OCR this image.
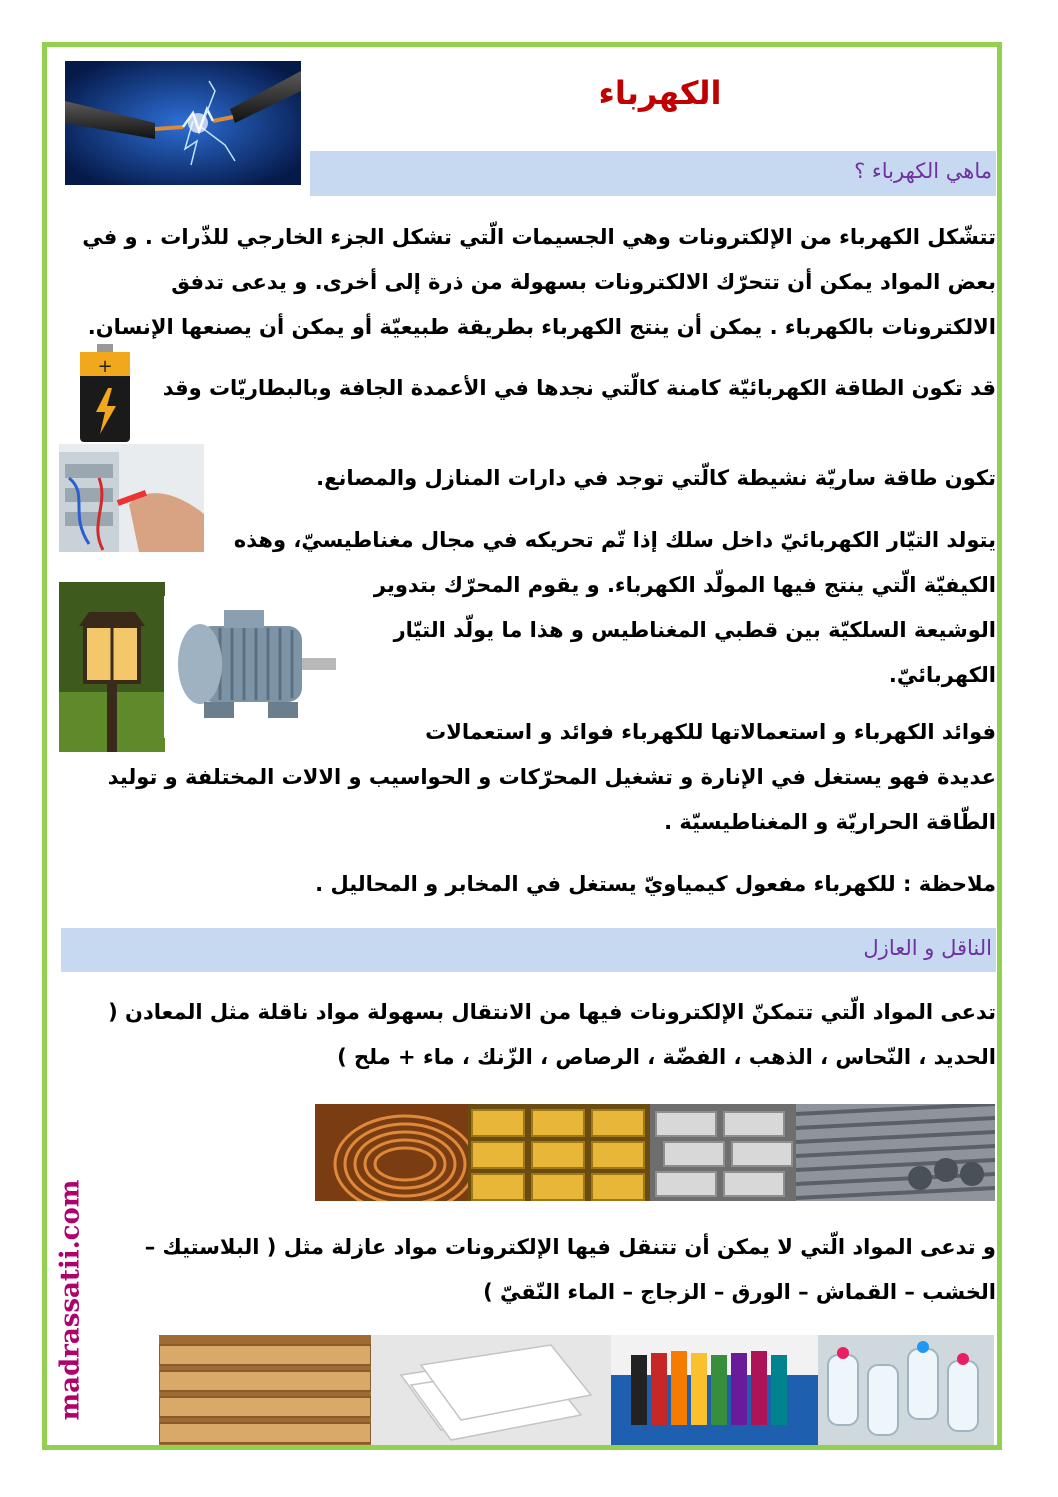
الكهرباء
ماهي الكهرباء ؟
تتشّكل الكهرباء من الإلكترونات وهي الجسيمات الّتي تشكل الجزء الخارجي للذّرات . و في
بعض المواد يمكن أن تتحرّك الالكترونات بسهولة من ذرة إلى أخرى. و يدعى تدفق
الالكترونات بالكهرباء . يمكن أن ينتج الكهرباء بطريقة طبيعيّة أو يمكن أن يصنعها الإنسان.
+
قد تكون الطاقة الكهربائيّة كامنة كالّتي نجدها في الأعمدة الجافة وبالبطاريّات وقد
تكون طاقة ساريّة نشيطة كالّتي توجد في دارات المنازل والمصانع.
يتولد التيّار الكهربائيّ داخل سلك إذا تّم تحريكه في مجال مغناطيسيّ، وهذه
الكيفيّة الّتي ينتج فيها المولّد الكهرباء. و يقوم المحرّك بتدوير
الوشيعة السلكيّة بين قطبي المغناطيس و هذا ما يولّد التيّار
الكهربائيّ.
فوائد الكهرباء و استعمالاتها للكهرباء فوائد و استعمالات
عديدة فهو يستغل في الإنارة و تشغيل المحرّكات و الحواسيب و الالات المختلفة و توليد
الطّاقة الحراريّة و المغناطيسيّة .
ملاحظة : للكهرباء مفعول كيمياويّ يستغل في المخابر و المحاليل .
الناقل و العازل
تدعى المواد الّتي تتمكنّ الإلكترونات فيها من الانتقال بسهولة مواد ناقلة مثل المعادن (
الحديد ، النّحاس ، الذهب ، الفضّة ، الرصاص ، الزّنك ، ماء + ملح )
و تدعى المواد الّتي لا يمكن أن تتنقل فيها الإلكترونات مواد عازلة مثل ( البلاستيك –
الخشب – القماش – الورق – الزجاج – الماء النّقيّ )
madrassatii.com
